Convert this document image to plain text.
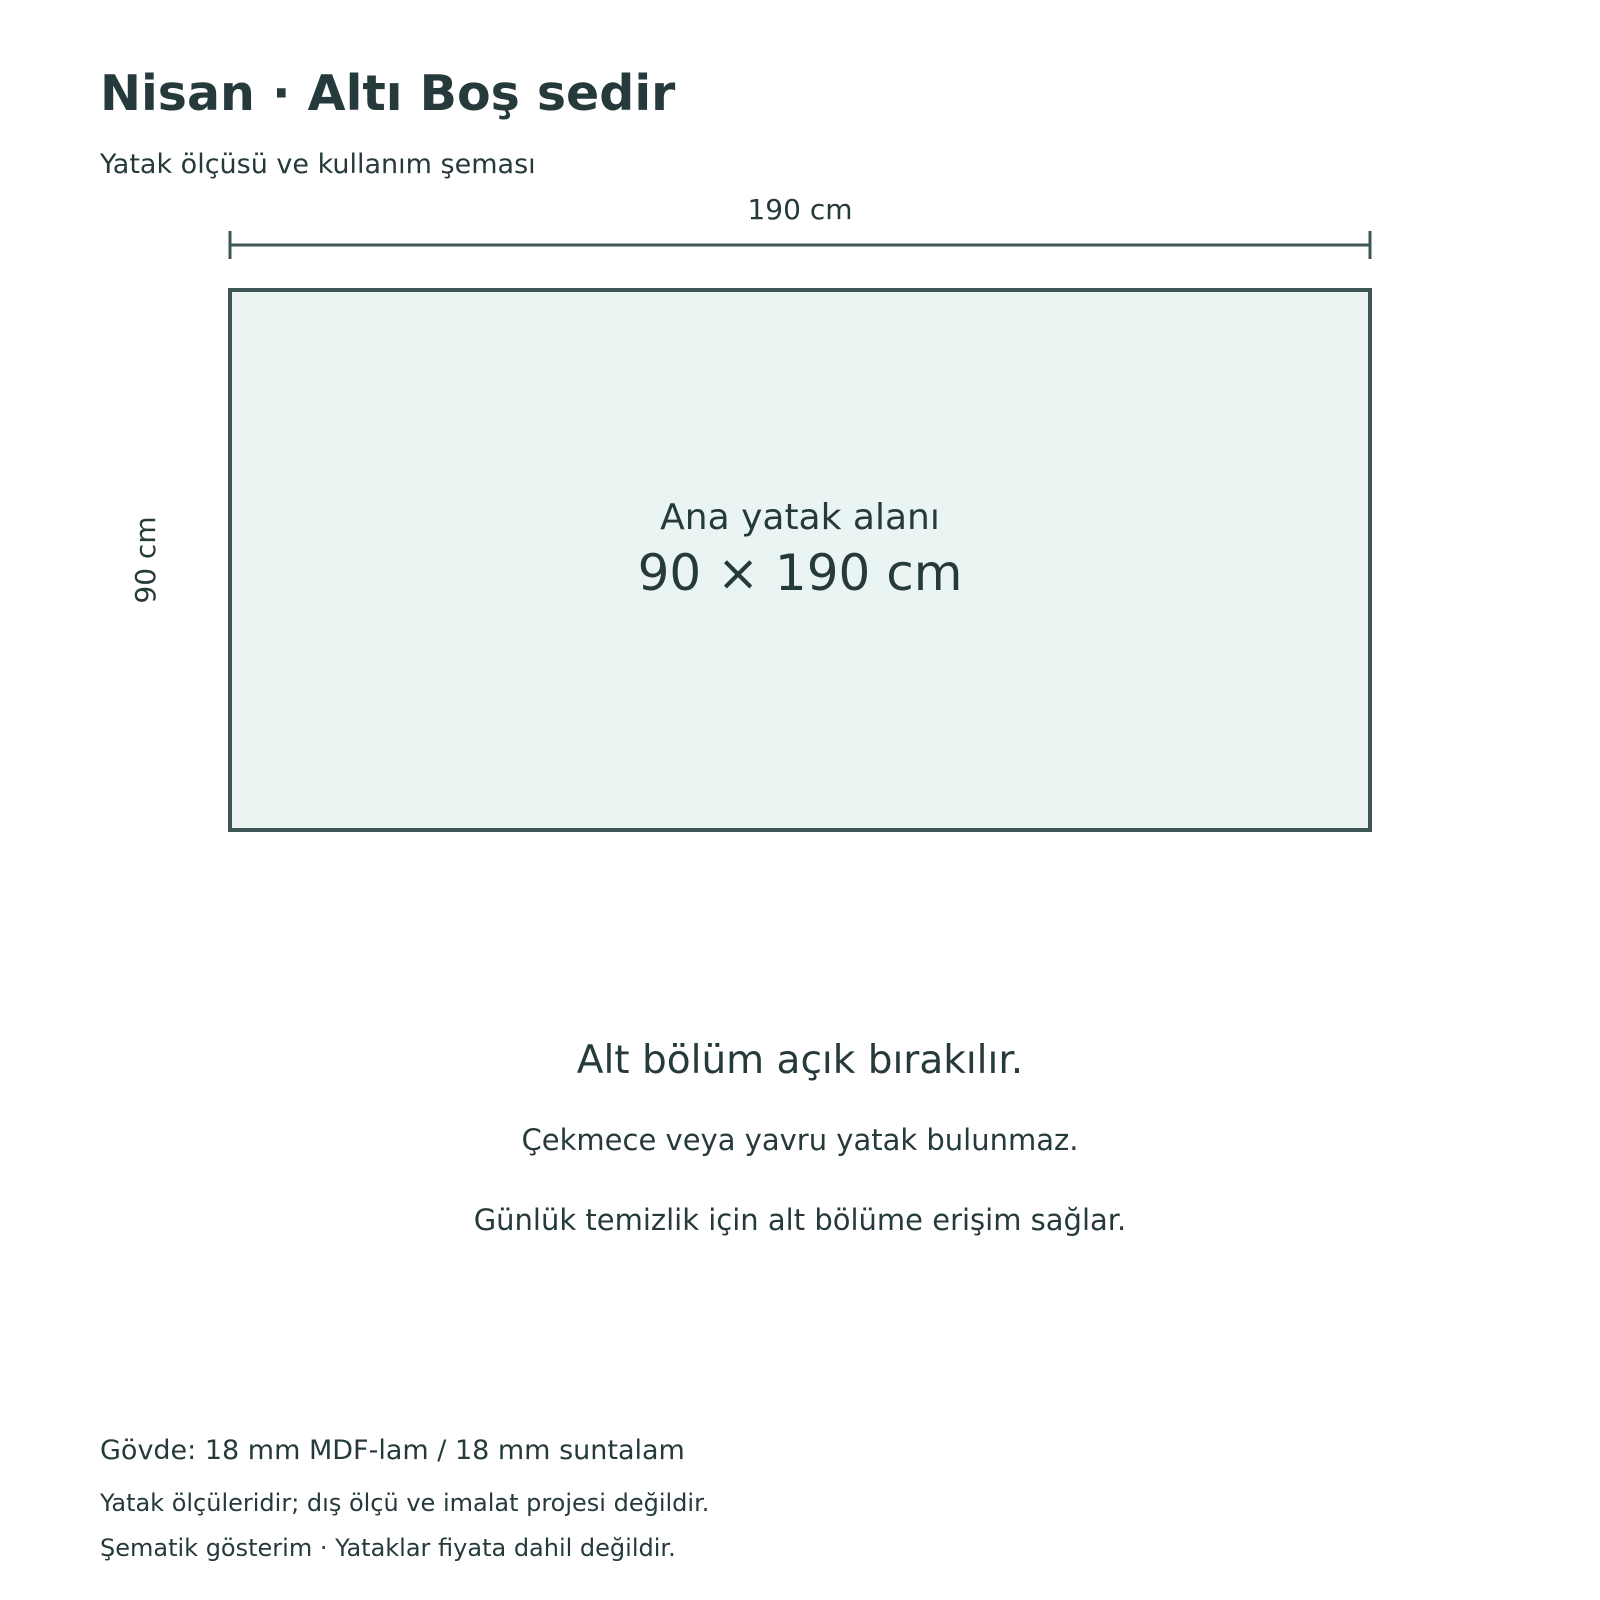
Nisan · Altı Boş sedir
Yatak ölçüsü ve kullanım şeması
190 cm
90 cm	Ana yatak alanı
90 × 190 cm
Alt bölüm açık bırakılır.
Çekmece veya yavru yatak bulunmaz.
Günlük temizlik için alt bölüme erişim sağlar.
Gövde: 18 mm MDF-lam / 18 mm suntalam
Yatak ölçüleridir; dış ölçü ve imalat projesi değildir.
Şematik gösterim · Yataklar fiyata dahil değildir.
